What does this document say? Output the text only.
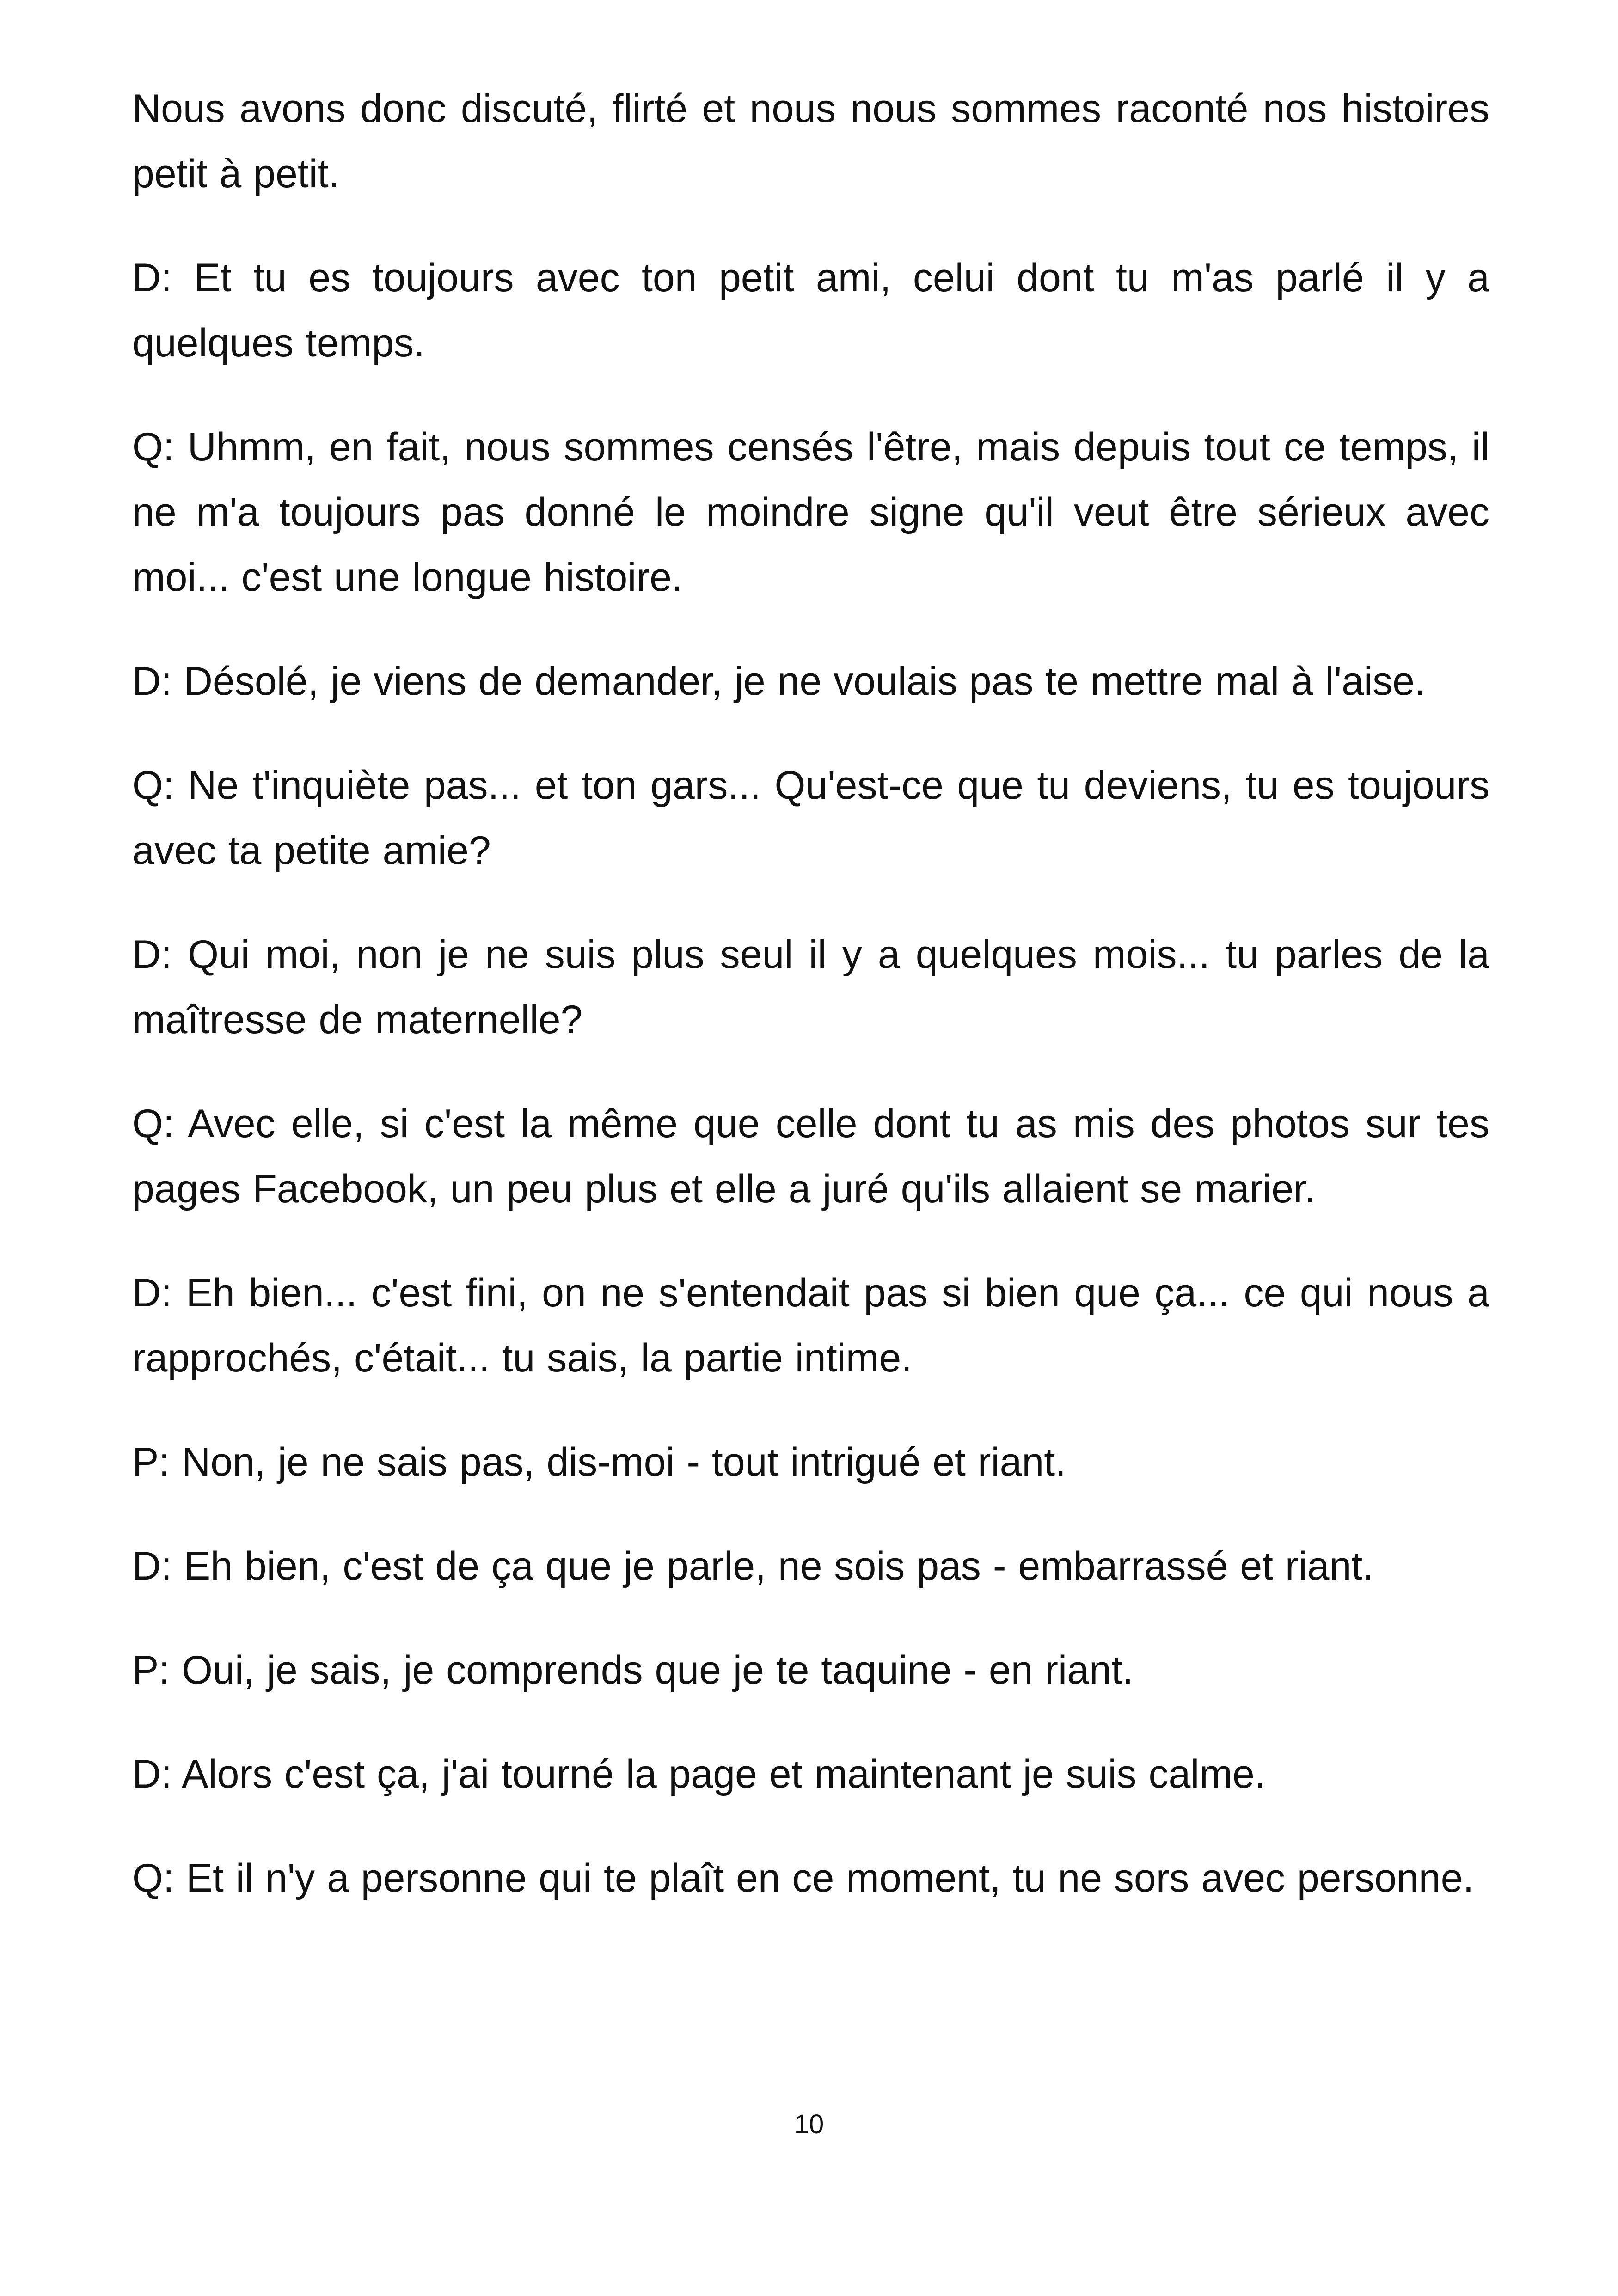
Nous avons donc discuté, flirté et nous nous sommes raconté nos histoires petit à petit.

D: Et tu es toujours avec ton petit ami, celui dont tu m'as parlé il y a quelques temps.

Q: Uhmm, en fait, nous sommes censés l'être, mais depuis tout ce temps, il ne m'a toujours pas donné le moindre signe qu'il veut être sérieux avec moi... c'est une longue histoire.

D: Désolé, je viens de demander, je ne voulais pas te mettre mal à l'aise.

Q: Ne t'inquiète pas... et ton gars... Qu'est-ce que tu deviens, tu es toujours avec ta petite amie?

D: Qui moi, non je ne suis plus seul il y a quelques mois... tu parles de la maîtresse de maternelle?

Q: Avec elle, si c'est la même que celle dont tu as mis des photos sur tes pages Facebook, un peu plus et elle a juré qu'ils allaient se marier.

D: Eh bien... c'est fini, on ne s'entendait pas si bien que ça... ce qui nous a rapprochés, c'était... tu sais, la partie intime.

P: Non, je ne sais pas, dis-moi - tout intrigué et riant.

D: Eh bien, c'est de ça que je parle, ne sois pas - embarrassé et riant.

P: Oui, je sais, je comprends que je te taquine - en riant.

D: Alors c'est ça, j'ai tourné la page et maintenant je suis calme.

Q: Et il n'y a personne qui te plaît en ce moment, tu ne sors avec personne.

10
